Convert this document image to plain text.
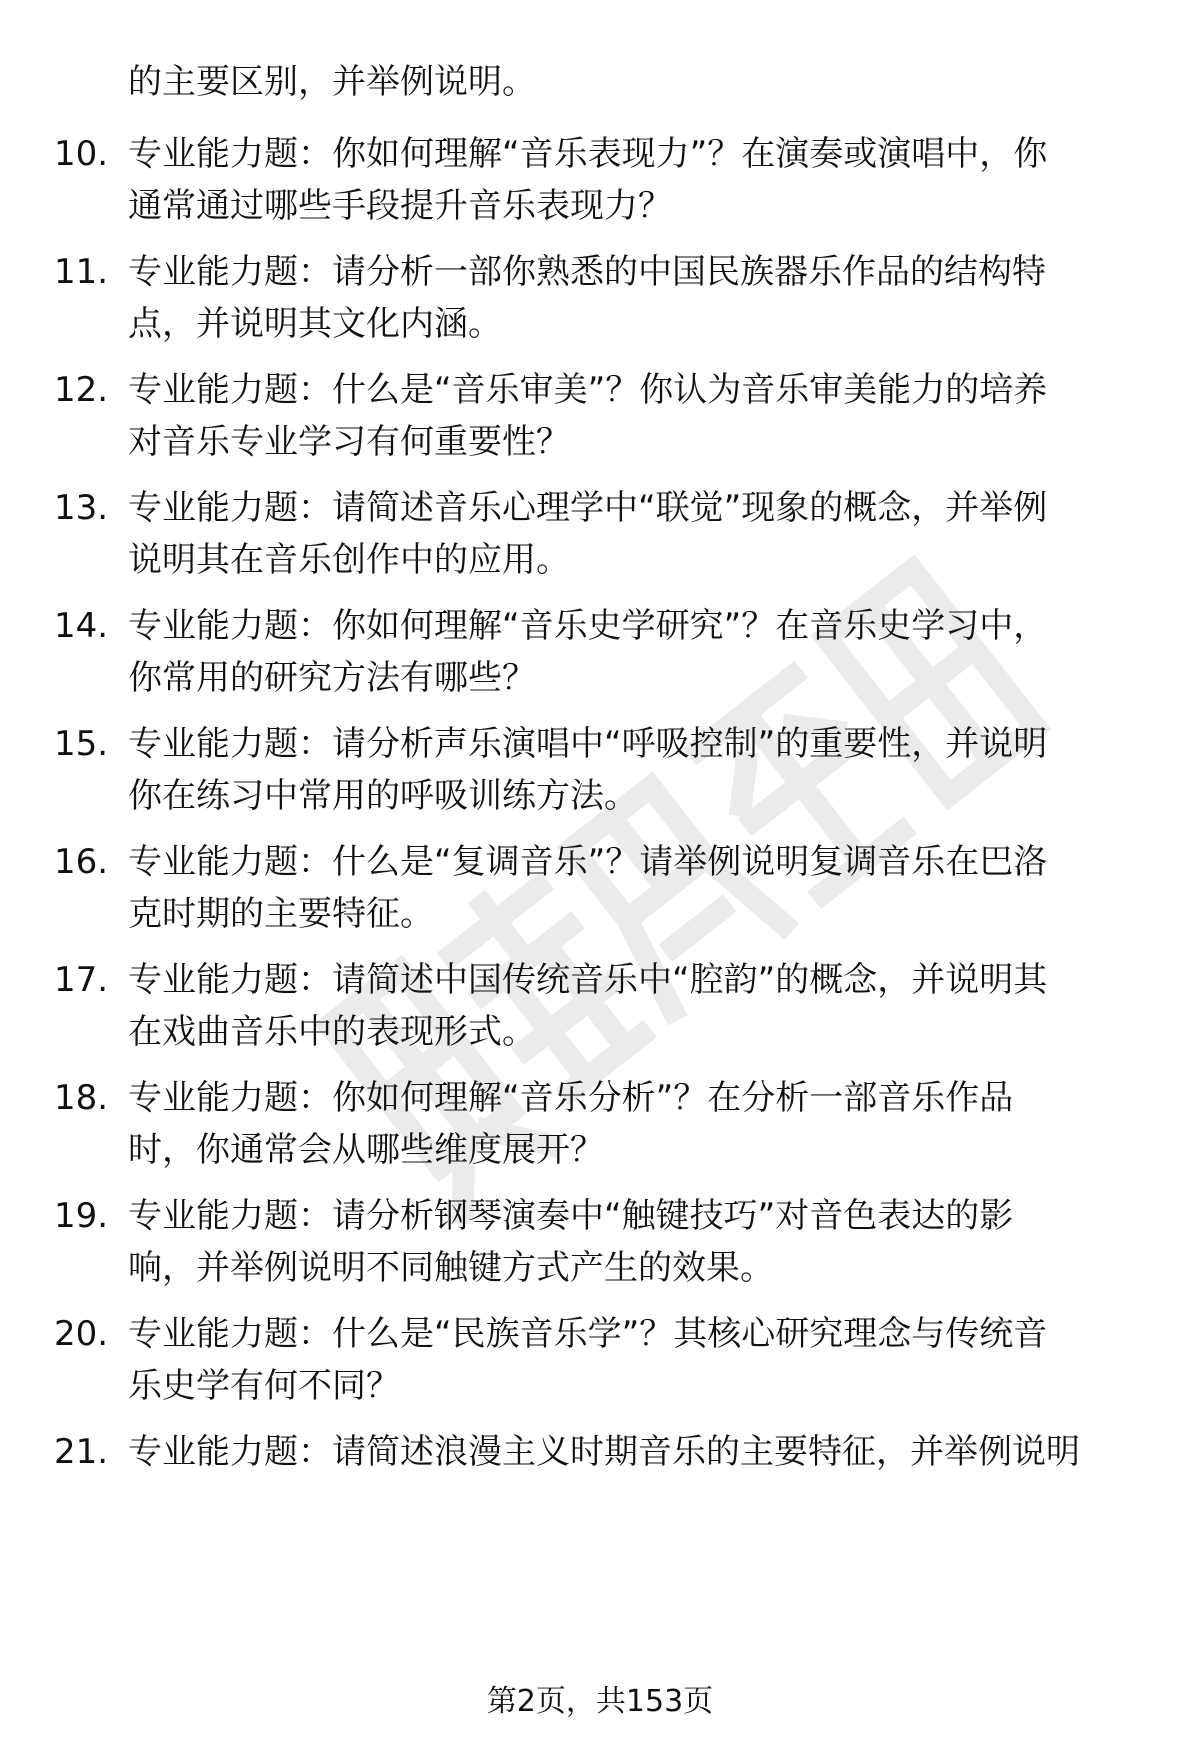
的主要区别，并举例说明。
10. 专业能力题：你如何理解“音乐表现力”？在演奏或演唱中，你
通常通过哪些手段提升音乐表现力？
11. 专业能力题：请分析一部你熟悉的中国民族器乐作品的结构特
点，并说明其文化内涵。
12. 专业能力题：什么是“音乐审美”？你认为音乐审美能力的培养
对音乐专业学习有何重要性？
13. 专业能力题：请简述音乐心理学中“联觉”现象的概念，并举例
说明其在音乐创作中的应用。
14. 专业能力题：你如何理解“音乐史学研究”？在音乐史学习中，
你常用的研究方法有哪些？
15. 专业能力题：请分析声乐演唱中“呼吸控制”的重要性，并说明
你在练习中常用的呼吸训练方法。
16. 专业能力题：什么是“复调音乐”？请举例说明复调音乐在巴洛
克时期的主要特征。
17. 专业能力题：请简述中国传统音乐中“腔韵”的概念，并说明其
在戏曲音乐中的表现形式。
18. 专业能力题：你如何理解“音乐分析”？在分析一部音乐作品
时，你通常会从哪些维度展开？
19. 专业能力题：请分析钢琴演奏中“触键技巧”对音色表达的影
响，并举例说明不同触键方式产生的效果。
20. 专业能力题：什么是“民族音乐学”？其核心研究理念与传统音
乐史学有何不同？
21. 专业能力题：请简述浪漫主义时期音乐的主要特征，并举例说明
第2页，共153页
